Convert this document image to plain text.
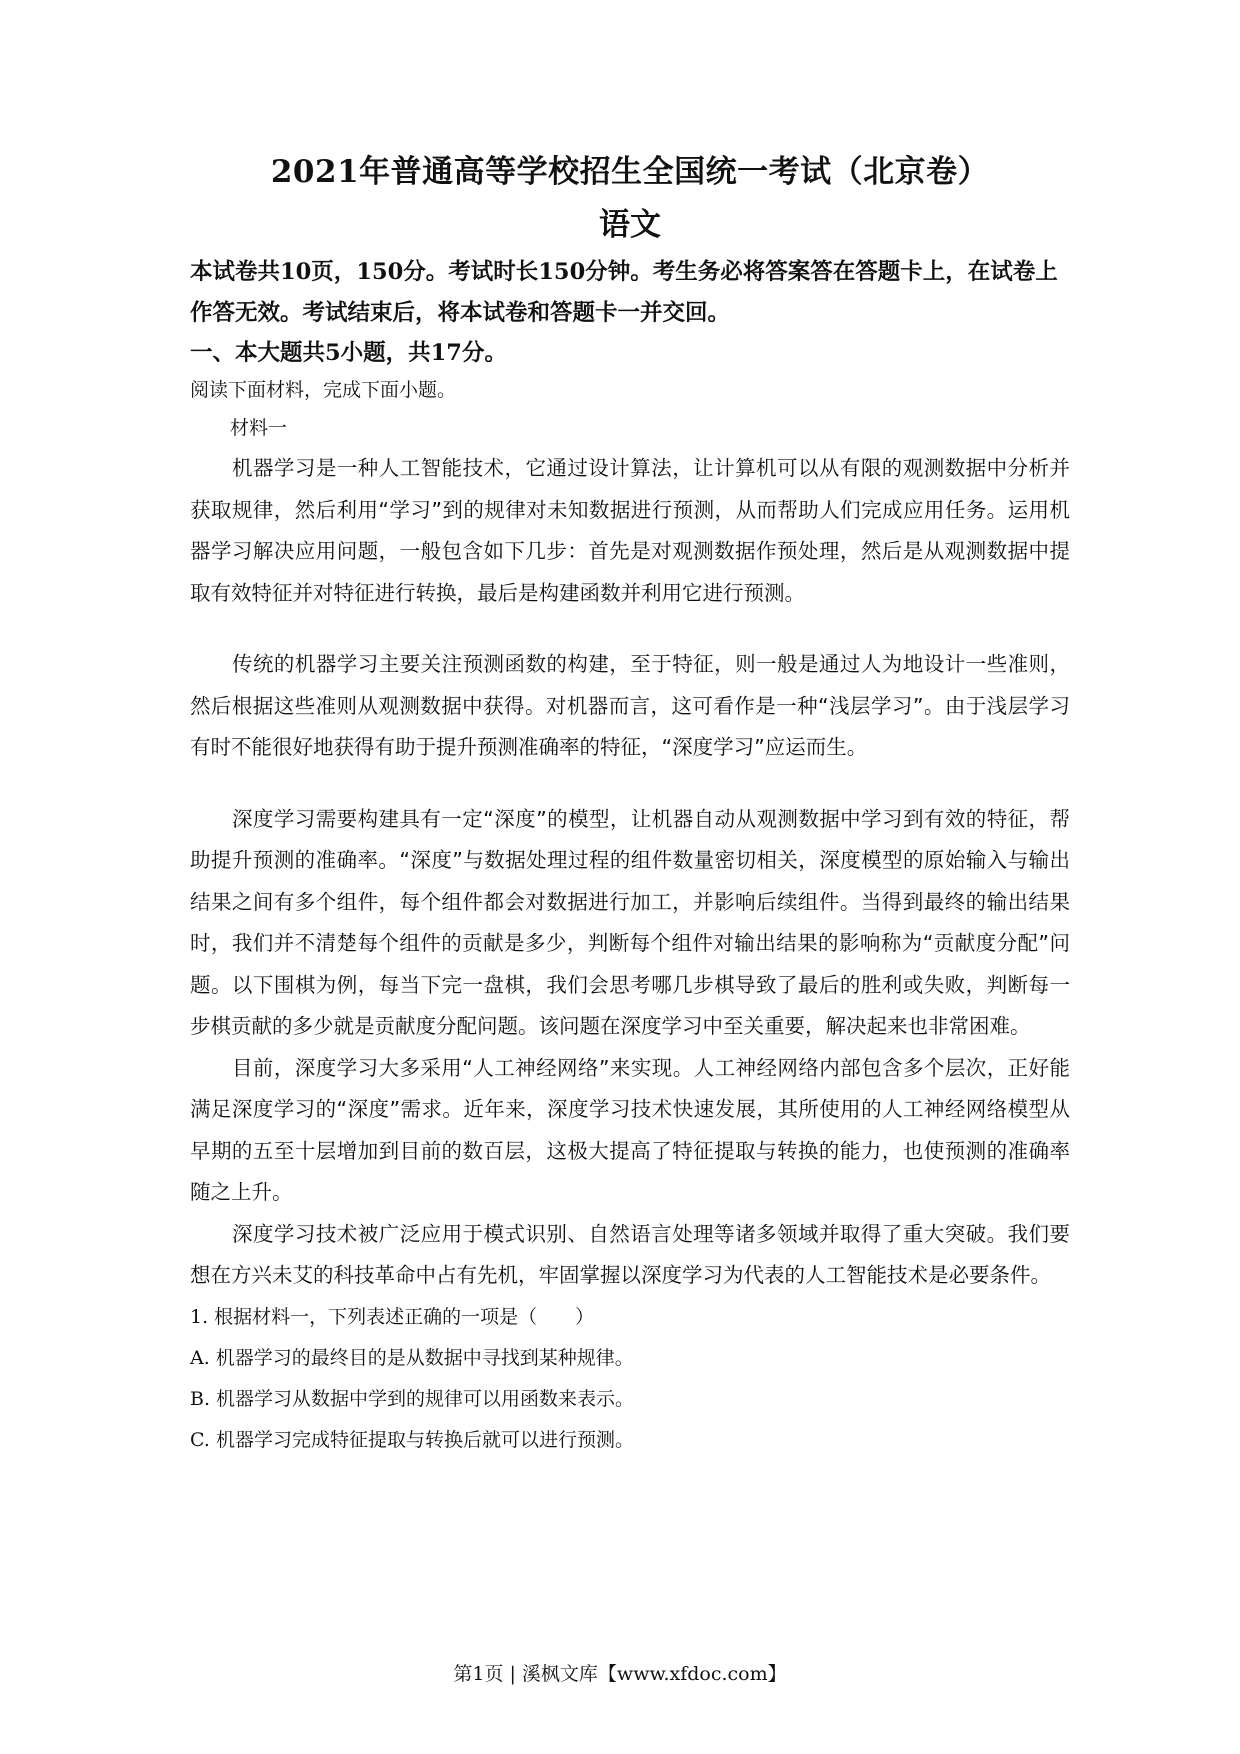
2021年普通高等学校招生全国统一考试（北京卷）
语文

本试卷共10页，150分。考试时长150分钟。考生务必将答案答在答题卡上，在试卷上作答无效。考试结束后，将本试卷和答题卡一并交回。

一、本大题共5小题，共17分。

阅读下面材料，完成下面小题。

材料一

机器学习是一种人工智能技术，它通过设计算法，让计算机可以从有限的观测数据中分析并获取规律，然后利用“学习”到的规律对未知数据进行预测，从而帮助人们完成应用任务。运用机器学习解决应用问题，一般包含如下几步：首先是对观测数据作预处理，然后是从观测数据中提取有效特征并对特征进行转换，最后是构建函数并利用它进行预测。

传统的机器学习主要关注预测函数的构建，至于特征，则一般是通过人为地设计一些准则，然后根据这些准则从观测数据中获得。对机器而言，这可看作是一种“浅层学习”。由于浅层学习有时不能很好地获得有助于提升预测准确率的特征，“深度学习”应运而生。

深度学习需要构建具有一定“深度”的模型，让机器自动从观测数据中学习到有效的特征，帮助提升预测的准确率。“深度”与数据处理过程的组件数量密切相关，深度模型的原始输入与输出结果之间有多个组件，每个组件都会对数据进行加工，并影响后续组件。当得到最终的输出结果时，我们并不清楚每个组件的贡献是多少，判断每个组件对输出结果的影响称为“贡献度分配”问题。以下围棋为例，每当下完一盘棋，我们会思考哪几步棋导致了最后的胜利或失败，判断每一步棋贡献的多少就是贡献度分配问题。该问题在深度学习中至关重要，解决起来也非常困难。

目前，深度学习大多采用“人工神经网络”来实现。人工神经网络内部包含多个层次，正好能满足深度学习的“深度”需求。近年来，深度学习技术快速发展，其所使用的人工神经网络模型从早期的五至十层增加到目前的数百层，这极大提高了特征提取与转换的能力，也使预测的准确率随之上升。

深度学习技术被广泛应用于模式识别、自然语言处理等诸多领域并取得了重大突破。我们要想在方兴未艾的科技革命中占有先机，牢固掌握以深度学习为代表的人工智能技术是必要条件。

1. 根据材料一，下列表述正确的一项是（　　）

A. 机器学习的最终目的是从数据中寻找到某种规律。
B. 机器学习从数据中学到的规律可以用函数来表示。
C. 机器学习完成特征提取与转换后就可以进行预测。
第1页 | 溪枫文库【www.xfdoc.com】
